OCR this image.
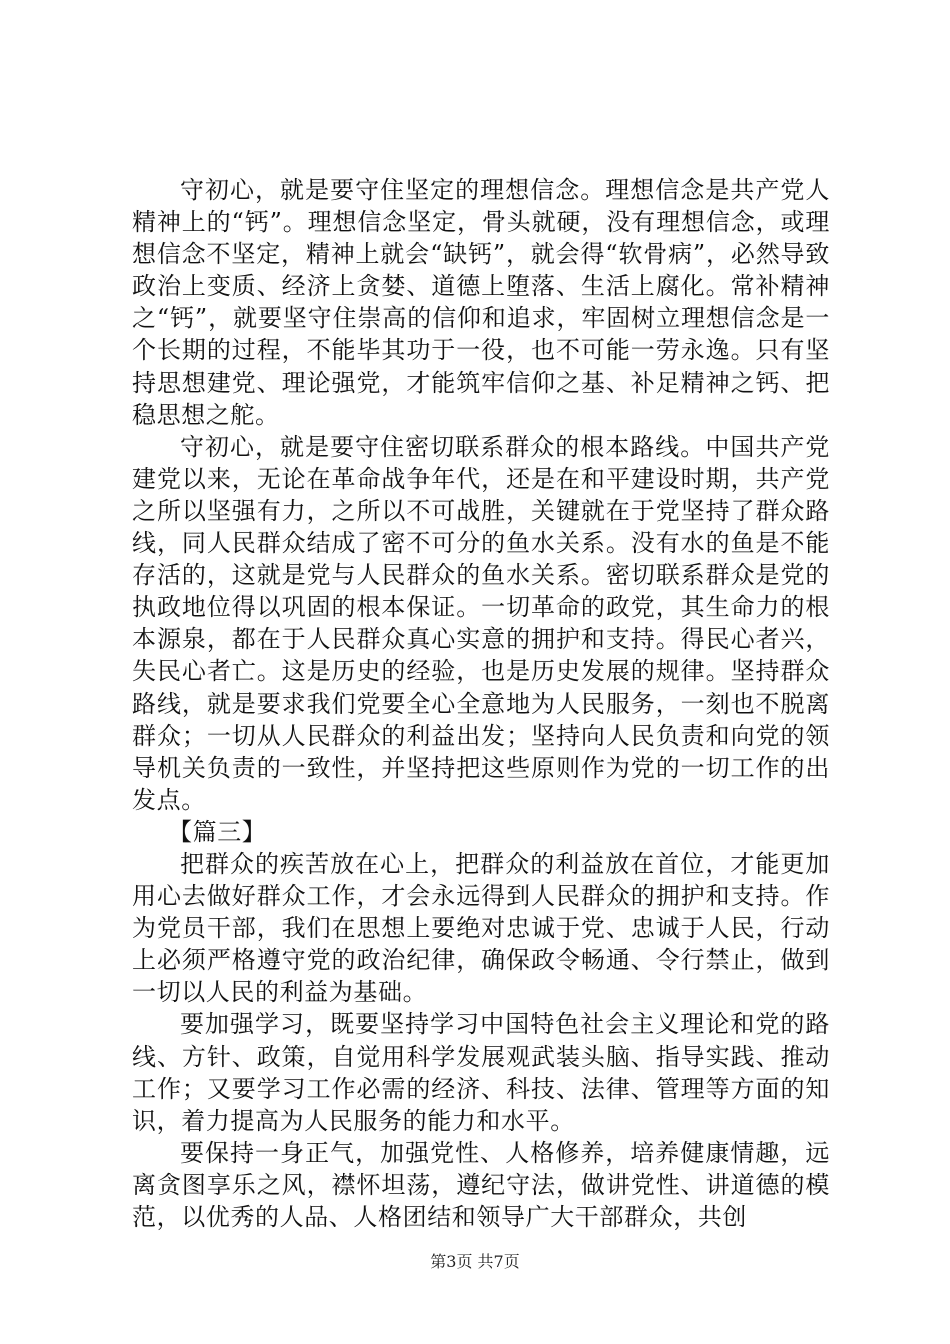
守初心，就是要守住坚定的理想信念。理想信念是共产党人精神上的“钙”。理想信念坚定，骨头就硬，没有理想信念，或理想信念不坚定，精神上就会“缺钙”，就会得“软骨病”，必然导致政治上变质、经济上贪婪、道德上堕落、生活上腐化。常补精神之“钙”，就要坚守住崇高的信仰和追求，牢固树立理想信念是一个长期的过程，不能毕其功于一役，也不可能一劳永逸。只有坚持思想建党、理论强党，才能筑牢信仰之基、补足精神之钙、把稳思想之舵。

守初心，就是要守住密切联系群众的根本路线。中国共产党建党以来，无论在革命战争年代，还是在和平建设时期，共产党之所以坚强有力，之所以不可战胜，关键就在于党坚持了群众路线，同人民群众结成了密不可分的鱼水关系。没有水的鱼是不能存活的，这就是党与人民群众的鱼水关系。密切联系群众是党的执政地位得以巩固的根本保证。一切革命的政党，其生命力的根本源泉，都在于人民群众真心实意的拥护和支持。得民心者兴，失民心者亡。这是历史的经验，也是历史发展的规律。坚持群众路线，就是要求我们党要全心全意地为人民服务，一刻也不脱离群众；一切从人民群众的利益出发；坚持向人民负责和向党的领导机关负责的一致性，并坚持把这些原则作为党的一切工作的出发点。

【篇三】

把群众的疾苦放在心上，把群众的利益放在首位，才能更加用心去做好群众工作，才会永远得到人民群众的拥护和支持。作为党员干部，我们在思想上要绝对忠诚于党、忠诚于人民，行动上必须严格遵守党的政治纪律，确保政令畅通、令行禁止，做到一切以人民的利益为基础。

要加强学习，既要坚持学习中国特色社会主义理论和党的路线、方针、政策，自觉用科学发展观武装头脑、指导实践、推动工作；又要学习工作必需的经济、科技、法律、管理等方面的知识，着力提高为人民服务的能力和水平。

要保持一身正气，加强党性、人格修养，培养健康情趣，远离贪图享乐之风，襟怀坦荡，遵纪守法，做讲党性、讲道德的模范，以优秀的人品、人格团结和领导广大干部群众，共创

第3页 共7页
